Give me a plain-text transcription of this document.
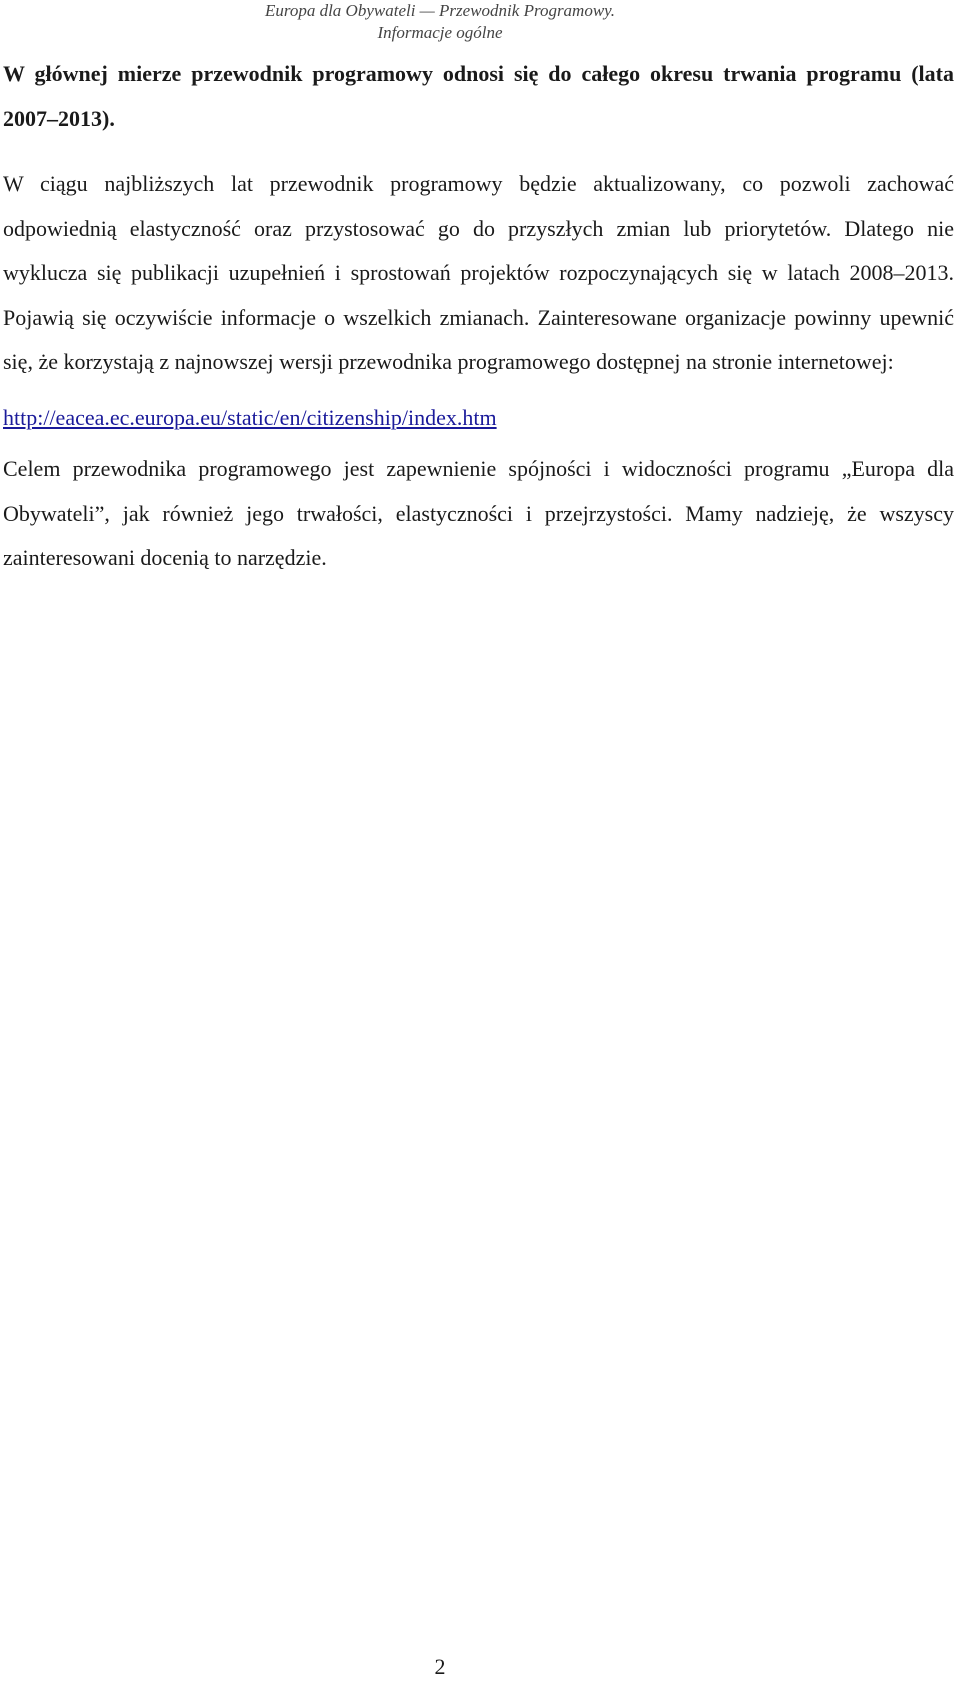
Europa dla Obywateli — Przewodnik Programowy.
Informacje ogólne

W głównej mierze przewodnik programowy odnosi się do całego okresu trwania programu (lata 2007–2013).

W ciągu najbliższych lat przewodnik programowy będzie aktualizowany, co pozwoli zachować odpowiednią elastyczność oraz przystosować go do przyszłych zmian lub priorytetów. Dlatego nie wyklucza się publikacji uzupełnień i sprostowań projektów rozpoczynających się w latach 2008–2013. Pojawią się oczywiście informacje o wszelkich zmianach. Zainteresowane organizacje powinny upewnić się, że korzystają z najnowszej wersji przewodnika programowego dostępnej na stronie internetowej:

http://eacea.ec.europa.eu/static/en/citizenship/index.htm

Celem przewodnika programowego jest zapewnienie spójności i widoczności programu „Europa dla Obywateli”, jak również jego trwałości, elastyczności i przejrzystości. Mamy nadzieję, że wszyscy zainteresowani docenią to narzędzie.

2
